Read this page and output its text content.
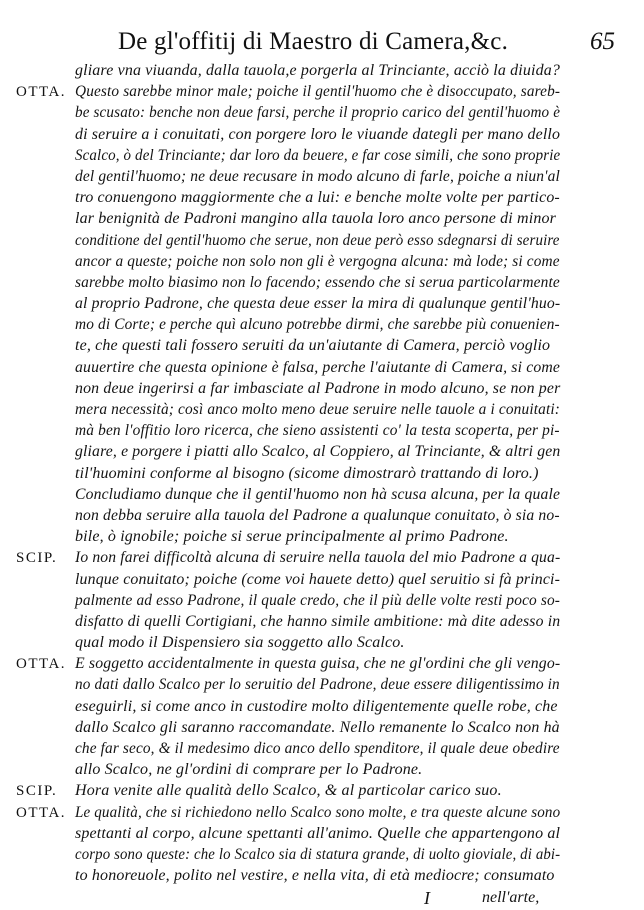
De gl'offitij di Maestro di Camera,&c.	65
gliare vna viuanda, dalla tauola,e porgerla al Trinciante, acciò la diuida?
OTTA. Questo sarebbe minor male; poiche il gentil'huomo che è disoccupato, sareb-
be scusato: benche non deue farsi, perche il proprio carico del gentil'huomo è
di seruire a i conuitati, con porgere loro le viuande dategli per mano dello
Scalco, ò del Trinciante; dar loro da beuere, e far cose simili, che sono proprie
del gentil'huomo; ne deue recusare in modo alcuno di farle, poiche a niun'al
tro conuengono maggiormente che a lui: e benche molte volte per partico-
lar benignità de Padroni mangino alla tauola loro anco persone di minor
conditione del gentil'huomo che serue, non deue però esso sdegnarsi di seruire
ancor a queste; poiche non solo non gli è vergogna alcuna: mà lode; si come
sarebbe molto biasimo non lo facendo; essendo che si serua particolarmente
al proprio Padrone, che questa deue esser la mira di qualunque gentil'huo-
mo di Corte; e perche quì alcuno potrebbe dirmi, che sarebbe più conuenien-
te, che questi tali fossero seruiti da un'aiutante di Camera, perciò voglio
auuertire che questa opinione è falsa, perche l'aiutante di Camera, si come
non deue ingerirsi a far imbasciate al Padrone in modo alcuno, se non per
mera necessità; così anco molto meno deue seruire nelle tauole a i conuitati:
mà ben l'offitio loro ricerca, che sieno assistenti co' la testa scoperta, per pi-
gliare, e porgere i piatti allo Scalco, al Coppiero, al Trinciante, & altri gen
til'huomini conforme al bisogno (sicome dimostrarò trattando di loro.)
Concludiamo dunque che il gentil'huomo non hà scusa alcuna, per la quale
non debba seruire alla tauola del Padrone a qualunque conuitato, ò sia no-
bile, ò ignobile; poiche si serue principalmente al primo Padrone.
SCIP. Io non farei difficoltà alcuna di seruire nella tauola del mio Padrone a qua-
lunque conuitato; poiche (come voi hauete detto) quel seruitio si fà princi-
palmente ad esso Padrone, il quale credo, che il più delle volte resti poco so-
disfatto di quelli Cortigiani, che hanno simile ambitione: mà dite adesso in
qual modo il Dispensiero sia soggetto allo Scalco.
OTTA. E soggetto accidentalmente in questa guisa, che ne gl'ordini che gli vengo-
no dati dallo Scalco per lo seruitio del Padrone, deue essere diligentissimo in
eseguirli, si come anco in custodire molto diligentemente quelle robe, che
dallo Scalco gli saranno raccomandate. Nello remanente lo Scalco non hà
che far seco, & il medesimo dico anco dello spenditore, il quale deue obedire
allo Scalco, ne gl'ordini di comprare per lo Padrone.
SCIP. Hora venite alle qualità dello Scalco, & al particolar carico suo.
OTTA. Le qualità, che si richiedono nello Scalco sono molte, e tra queste alcune sono
spettanti al corpo, alcune spettanti all'animo. Quelle che appartengono al
corpo sono queste: che lo Scalco sia di statura grande, di uolto gioviale, di abi-
to honoreuole, polito nel vestire, e nella vita, di età mediocre; consumato
I	nell'arte,
